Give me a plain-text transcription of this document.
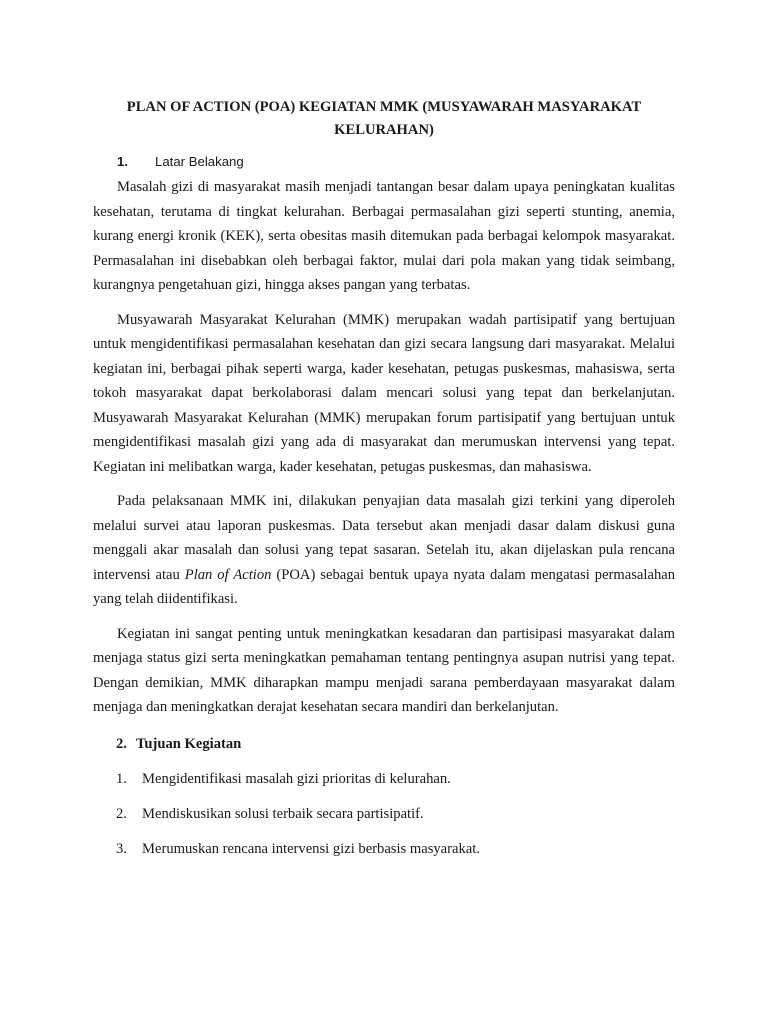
PLAN OF ACTION (POA) KEGIATAN MMK (MUSYAWARAH MASYARAKAT KELURAHAN)
1.	Latar Belakang

Masalah gizi di masyarakat masih menjadi tantangan besar dalam upaya peningkatan kualitas kesehatan, terutama di tingkat kelurahan. Berbagai permasalahan gizi seperti stunting, anemia, kurang energi kronik (KEK), serta obesitas masih ditemukan pada berbagai kelompok masyarakat. Permasalahan ini disebabkan oleh berbagai faktor, mulai dari pola makan yang tidak seimbang, kurangnya pengetahuan gizi, hingga akses pangan yang terbatas.

Musyawarah Masyarakat Kelurahan (MMK) merupakan wadah partisipatif yang bertujuan untuk mengidentifikasi permasalahan kesehatan dan gizi secara langsung dari masyarakat. Melalui kegiatan ini, berbagai pihak seperti warga, kader kesehatan, petugas puskesmas, mahasiswa, serta tokoh masyarakat dapat berkolaborasi dalam mencari solusi yang tepat dan berkelanjutan. Musyawarah Masyarakat Kelurahan (MMK) merupakan forum partisipatif yang bertujuan untuk mengidentifikasi masalah gizi yang ada di masyarakat dan merumuskan intervensi yang tepat. Kegiatan ini melibatkan warga, kader kesehatan, petugas puskesmas, dan mahasiswa.

Pada pelaksanaan MMK ini, dilakukan penyajian data masalah gizi terkini yang diperoleh melalui survei atau laporan puskesmas. Data tersebut akan menjadi dasar dalam diskusi guna menggali akar masalah dan solusi yang tepat sasaran. Setelah itu, akan dijelaskan pula rencana intervensi atau Plan of Action (POA) sebagai bentuk upaya nyata dalam mengatasi permasalahan yang telah diidentifikasi.

Kegiatan ini sangat penting untuk meningkatkan kesadaran dan partisipasi masyarakat dalam menjaga status gizi serta meningkatkan pemahaman tentang pentingnya asupan nutrisi yang tepat. Dengan demikian, MMK diharapkan mampu menjadi sarana pemberdayaan masyarakat dalam menjaga dan meningkatkan derajat kesehatan secara mandiri dan berkelanjutan.

2. Tujuan Kegiatan
1.	Mengidentifikasi masalah gizi prioritas di kelurahan.
2.	Mendiskusikan solusi terbaik secara partisipatif.
3.	Merumuskan rencana intervensi gizi berbasis masyarakat.
